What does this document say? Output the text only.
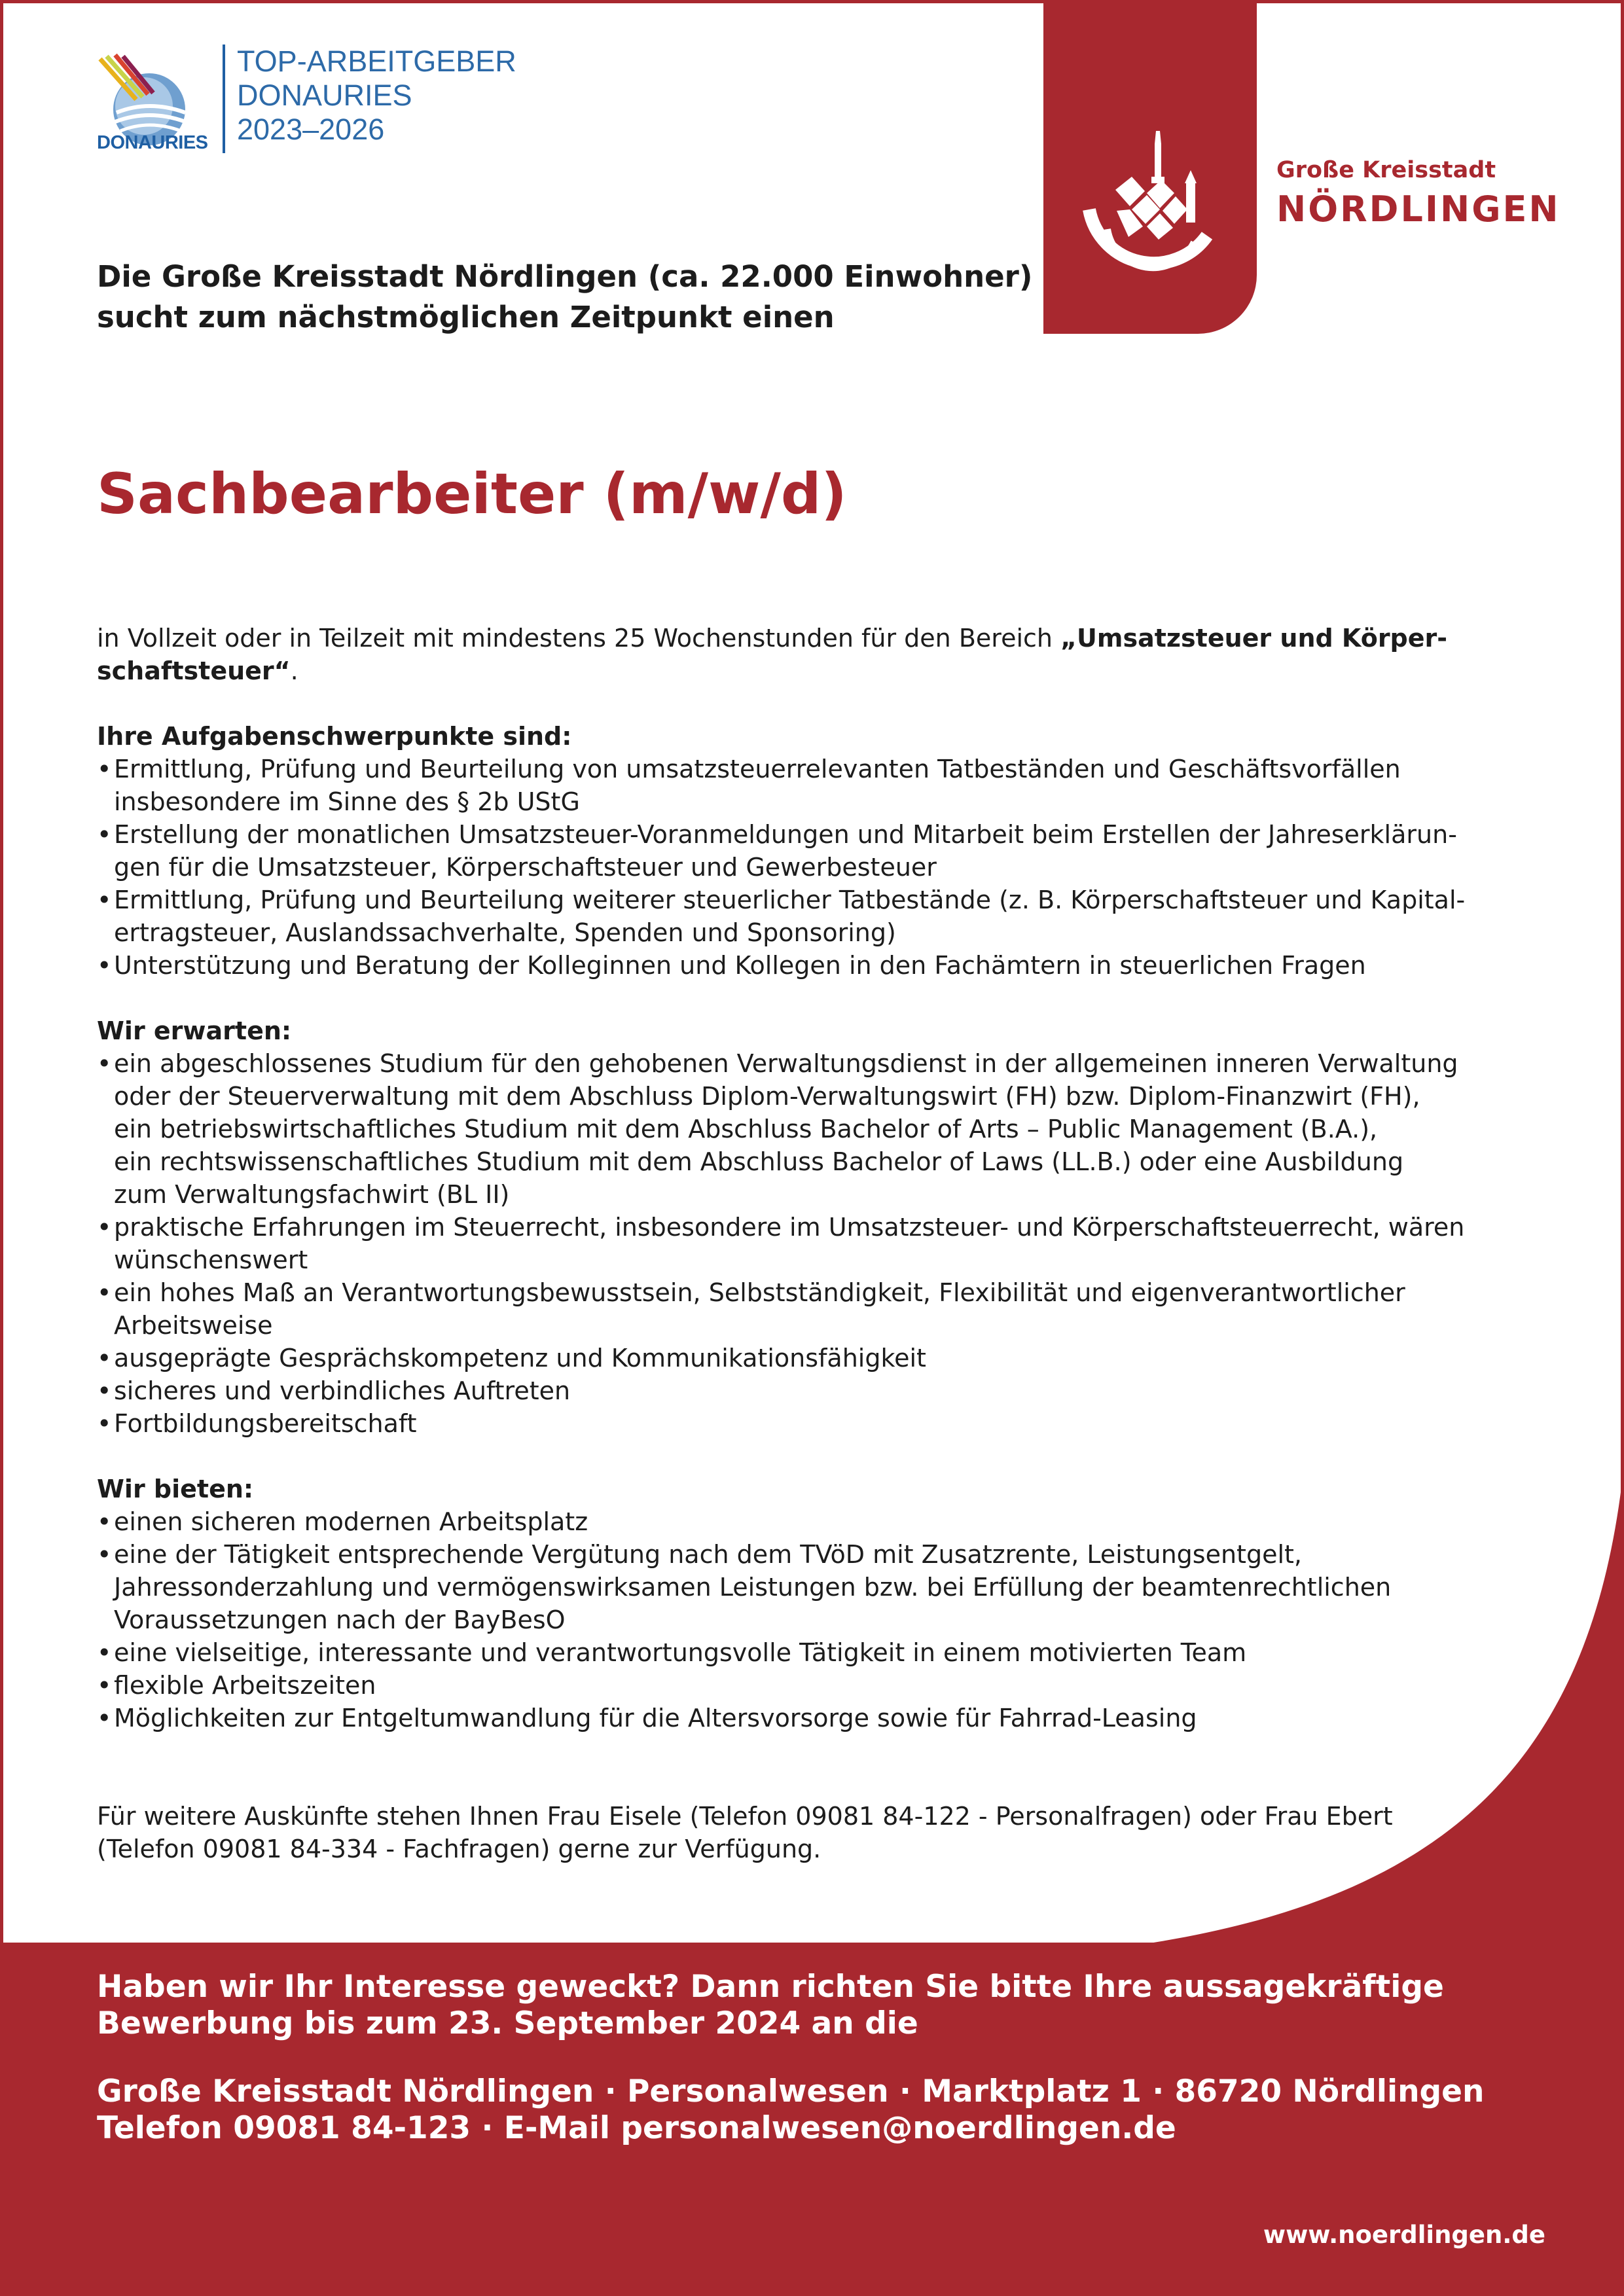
DONAURIES
TOP-ARBEITGEBER
DONAURIES
2023–2026
Große Kreisstadt
NÖRDLINGEN
Die Große Kreisstadt Nördlingen (ca. 22.000 Einwohner)
sucht zum nächstmöglichen Zeitpunkt einen
Sachbearbeiter (m/w/d)

in Vollzeit oder in Teilzeit mit mindestens 25 Wochenstunden für den Bereich „Umsatzsteuer und Körper-
schaftsteuer“.

Ihre Aufgabenschwerpunkte sind:

• Ermittlung, Prüfung und Beurteilung von umsatzsteuerrelevanten Tatbeständen und Geschäftsvorfällen
insbesondere im Sinne des § 2b UStG
• Erstellung der monatlichen Umsatzsteuer-Voranmeldungen und Mitarbeit beim Erstellen der Jahreserklärun-
gen für die Umsatzsteuer, Körperschaftsteuer und Gewerbesteuer
• Ermittlung, Prüfung und Beurteilung weiterer steuerlicher Tatbestände (z. B. Körperschaftsteuer und Kapital-
ertragsteuer, Auslandssachverhalte, Spenden und Sponsoring)
• Unterstützung und Beratung der Kolleginnen und Kollegen in den Fachämtern in steuerlichen Fragen

Wir erwarten:

• ein abgeschlossenes Studium für den gehobenen Verwaltungsdienst in der allgemeinen inneren Verwaltung
oder der Steuerverwaltung mit dem Abschluss Diplom-Verwaltungswirt (FH) bzw. Diplom-Finanzwirt (FH),
ein betriebswirtschaftliches Studium mit dem Abschluss Bachelor of Arts – Public Management (B.A.),
ein rechtswissenschaftliches Studium mit dem Abschluss Bachelor of Laws (LL.B.) oder eine Ausbildung
zum Verwaltungsfachwirt (BL II)
• praktische Erfahrungen im Steuerrecht, insbesondere im Umsatzsteuer- und Körperschaftsteuerrecht, wären
wünschenswert
• ein hohes Maß an Verantwortungsbewusstsein, Selbstständigkeit, Flexibilität und eigenverantwortlicher
Arbeitsweise
• ausgeprägte Gesprächskompetenz und Kommunikationsfähigkeit
• sicheres und verbindliches Auftreten
• Fortbildungsbereitschaft

Wir bieten:

• einen sicheren modernen Arbeitsplatz
• eine der Tätigkeit entsprechende Vergütung nach dem TVöD mit Zusatzrente, Leistungsentgelt,
Jahressonderzahlung und vermögenswirksamen Leistungen bzw. bei Erfüllung der beamtenrechtlichen
Voraussetzungen nach der BayBesO
• eine vielseitige, interessante und verantwortungsvolle Tätigkeit in einem motivierten Team
• flexible Arbeitszeiten
• Möglichkeiten zur Entgeltumwandlung für die Altersvorsorge sowie für Fahrrad-Leasing

Für weitere Auskünfte stehen Ihnen Frau Eisele (Telefon 09081 84-122 - Personalfragen) oder Frau Ebert
(Telefon 09081 84-334 - Fachfragen) gerne zur Verfügung.

Haben wir Ihr Interesse geweckt? Dann richten Sie bitte Ihre aussagekräftige
Bewerbung bis zum 23. September 2024 an die
Große Kreisstadt Nördlingen · Personalwesen · Marktplatz 1 · 86720 Nördlingen
Telefon 09081 84-123 · E-Mail personalwesen@noerdlingen.de
www.noerdlingen.de
